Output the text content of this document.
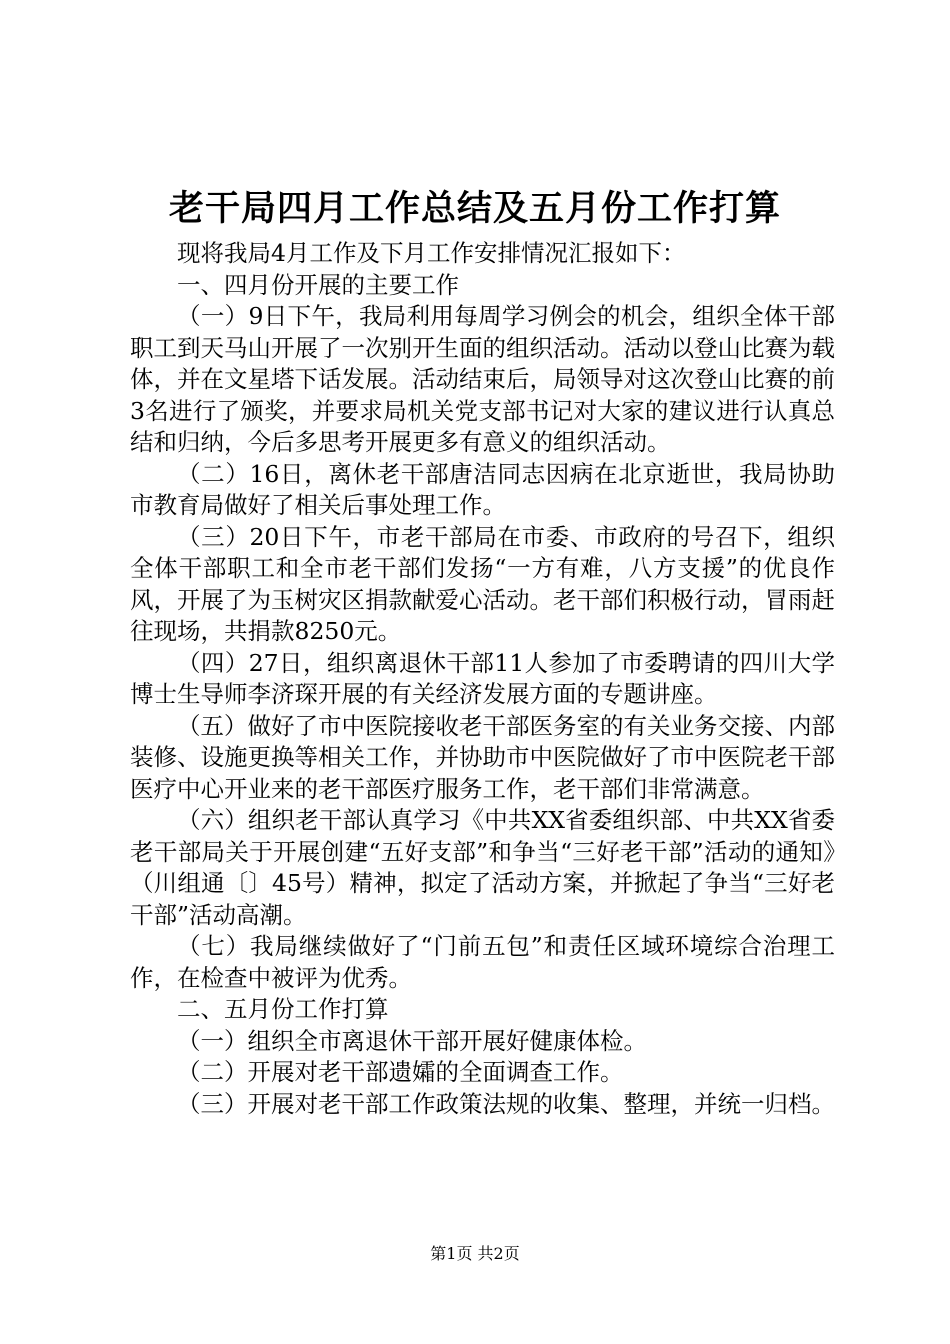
老干局四月工作总结及五月份工作打算

现将我局4月工作及下月工作安排情况汇报如下：

一、四月份开展的主要工作

（一）9日下午，我局利用每周学习例会的机会，组织全体干部职工到天马山开展了一次别开生面的组织活动。活动以登山比赛为载体，并在文星塔下话发展。活动结束后，局领导对这次登山比赛的前3名进行了颁奖，并要求局机关党支部书记对大家的建议进行认真总结和归纳，今后多思考开展更多有意义的组织活动。

（二）16日，离休老干部唐洁同志因病在北京逝世，我局协助市教育局做好了相关后事处理工作。

（三）20日下午，市老干部局在市委、市政府的号召下，组织全体干部职工和全市老干部们发扬“一方有难，八方支援”的优良作风，开展了为玉树灾区捐款献爱心活动。老干部们积极行动，冒雨赶往现场，共捐款8250元。

（四）27日，组织离退休干部11人参加了市委聘请的四川大学博士生导师李济琛开展的有关经济发展方面的专题讲座。

（五）做好了市中医院接收老干部医务室的有关业务交接、内部装修、设施更换等相关工作，并协助市中医院做好了市中医院老干部医疗中心开业来的老干部医疗服务工作，老干部们非常满意。

（六）组织老干部认真学习《中共XX省委组织部、中共XX省委老干部局关于开展创建“五好支部”和争当“三好老干部”活动的通知》（川组通〔〕45号）精神，拟定了活动方案，并掀起了争当“三好老干部”活动高潮。

（七）我局继续做好了“门前五包”和责任区域环境综合治理工作，在检查中被评为优秀。

二、五月份工作打算

（一）组织全市离退休干部开展好健康体检。

（二）开展对老干部遗孀的全面调查工作。

（三）开展对老干部工作政策法规的收集、整理，并统一归档。

第1页 共2页
